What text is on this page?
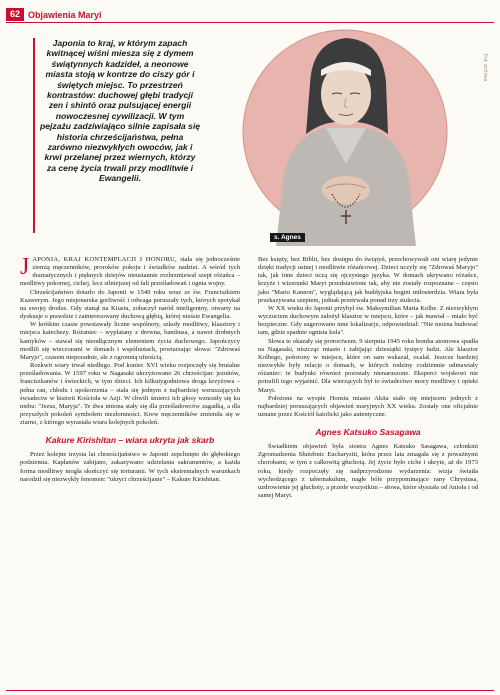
62 Objawienia Maryi
Japonia to kraj, w którym zapach kwitnącej wiśni miesza się z dymem świątynnych kadzideł, a neonowe miasta stoją w kontrze do ciszy gór i świętych miejsc. To przestrzeń kontrastów: duchowej głębi tradycji zen i shintō oraz pulsującej energii nowoczesnej cywilizacji. W tym pejzażu zadziwiająco silnie zapisała się historia chrześcijaństwa, pełna zarówno niezwykłych owoców, jak i krwi przelanej przez wiernych, którzy za cenę życia trwali przy modlitwie i Ewangelii.
Fot. archiwa
s. Agnes

JAPONIA, KRAJ KONTEMPLACJI I HONORU, stała się jednocześnie ziemią męczenników, proroków pokoju i świadków nadziei. A wśród tych dramatycznych i pięknych dziejów nieustannie rozbrzmiewał szept różańca – modlitwy pokornej, cichej, lecz silniejszej od fali prześladowań i ognia wojny.

Chrześcijaństwo dotarło do Japonii w 1549 roku wraz ze św. Franciszkiem Ksawerym. Jego misjonarska gorliwość i odwaga poruszały tych, których spotykał na swojej drodze. Gdy stanął na Kiusiu, zobaczył naród inteligentny, otwarty na dyskusje o prawdzie i zainteresowany duchową głębią, której nieśsie Ewangelia.

W krótkim czasie powstawały liczne wspólnoty, szkoły modlitwy, klasztory i miejsca katechezy. Różaniec – wyplatany z drewna, bambusa, a nawet drobnych kamyków – stawał się nieodłącznym elementem życia duchowego. Japończycy modlili się wieczorami w domach i wspólnotach, powtarzając słowa: "Zdrowaś Maryjo", czasem nieporadnie, ale z ogromną ufnością.

Rozkwit wiary trwał niedługo. Pod koniec XVI wieku rozpoczęły się brutalne prześladowania. W 1597 roku w Nagasaki ukrzyżowano 26 chrześcijan: jezuitów, franciszkanów i świeckich, w tym dzieci. Ich kilkutygodniowa droga krzyżowa – pełna ran, chłodu i upokorzenia – stała się jednym z najbardziej wzruszających świadectw w historii Kościoła w Azji. W chwili śmierci ich głosy wznosiły się ku niebu: "Jezus, Maryja". Te dwa imiona stały się dla prześladowców zagadką, a dla przyszłych pokoleń symbolem niezłomności. Krew męczenników zmieniła się w ziarno, z którego wyrastała wiara kolejnych pokoleń.

Kakure Kirishitan – wiara ukryta jak skarb

Przez kolejne trzysta lat chrześcijaństwo w Japonii zepchnięto do głębokiego podziemia. Kapłanów zabijano, zakazywano udzielania sakramentów, a każda forma modlitwy mogła skończyć się torturami. W tych ekstremalnych warunkach narodził się niezwykły fenomen: "ukryci chrześcijanie" – Kakure Kirishitan.

Bez księży, bez Biblii, bez dostępu do świątyń, przechowywali oni wiarę jedynie dzięki tradycji ustnej i modlitwie różańcowej. Dzieci uczyły się "Zdrowaś Maryjo" tak, jak inne dzieci uczą się ojczystego języka. W domach ukrywano różańce, krzyże i wizerunki Maryi przedstawione tak, aby nie zostały rozpoznane – często jako "Mario Kannon", wyglądającą jak buddyjska bogini miłosierdzia. Wiara była przekazywana szeptem, jednak przetrwała ponad trzy stulecia.

W XX wieku do Japonii przybył św. Maksymilian Maria Kolbe. Z niezwykłym wyczuciem duchowym założył klasztor w miejscu, które – jak mawiał – miało być bezpieczne. Gdy sugerowano inne lokalizacje, odpowiedział: "Nie można budować tam, gdzie spadnie ognista kula".

Słowa te okazały się proroctwem. 9 sierpnia 1945 roku bomba atomowa spadła na Nagasaki, niszcząc miasto i zabijając dziesiątki tysięcy ludzi. Ale klasztor Kolbego, położony w miejscu, które on sam wskazał, ocalał. Jeszcze bardziej niezwykłe były relacje o domach, w których rodziny codziennie odmawiały różaniec: te budynki również pozostały nienaruszone. Eksperci wojskowi nie potrafili tego wyjaśnić. Dla wierzących był to świadectwo mocy modlitwy i opieki Maryi.

Położone na wyspie Honsiu miasto Akita stało się miejscem jednych z najbardziej poruszających objawień maryjnych XX wieku. Zostały one oficjalnie uznane przez Kościół katolicki jako autentyczne.

Agnes Katsuko Sasagawa

Świadkiem objawień była siostra Agnes Katsuko Sasagawa, członkini Zgromadzenia Służebnic Eucharystii, która przez lata zmagała się z poważnymi chorobami, w tym z całkowitą głuchotą. Jej życie było ciche i ukryte, aż do 1973 roku, kiedy rozpoczęły się nadprzyrodzone wydarzenia: wizja światła wychodzącego z tabernakulum, nagłe bóle przypominające rany Chrystusa, uzdrowienie jej głuchoty, a przede wszystkim – słowa, które słyszała od Anioła i od samej Maryi.
